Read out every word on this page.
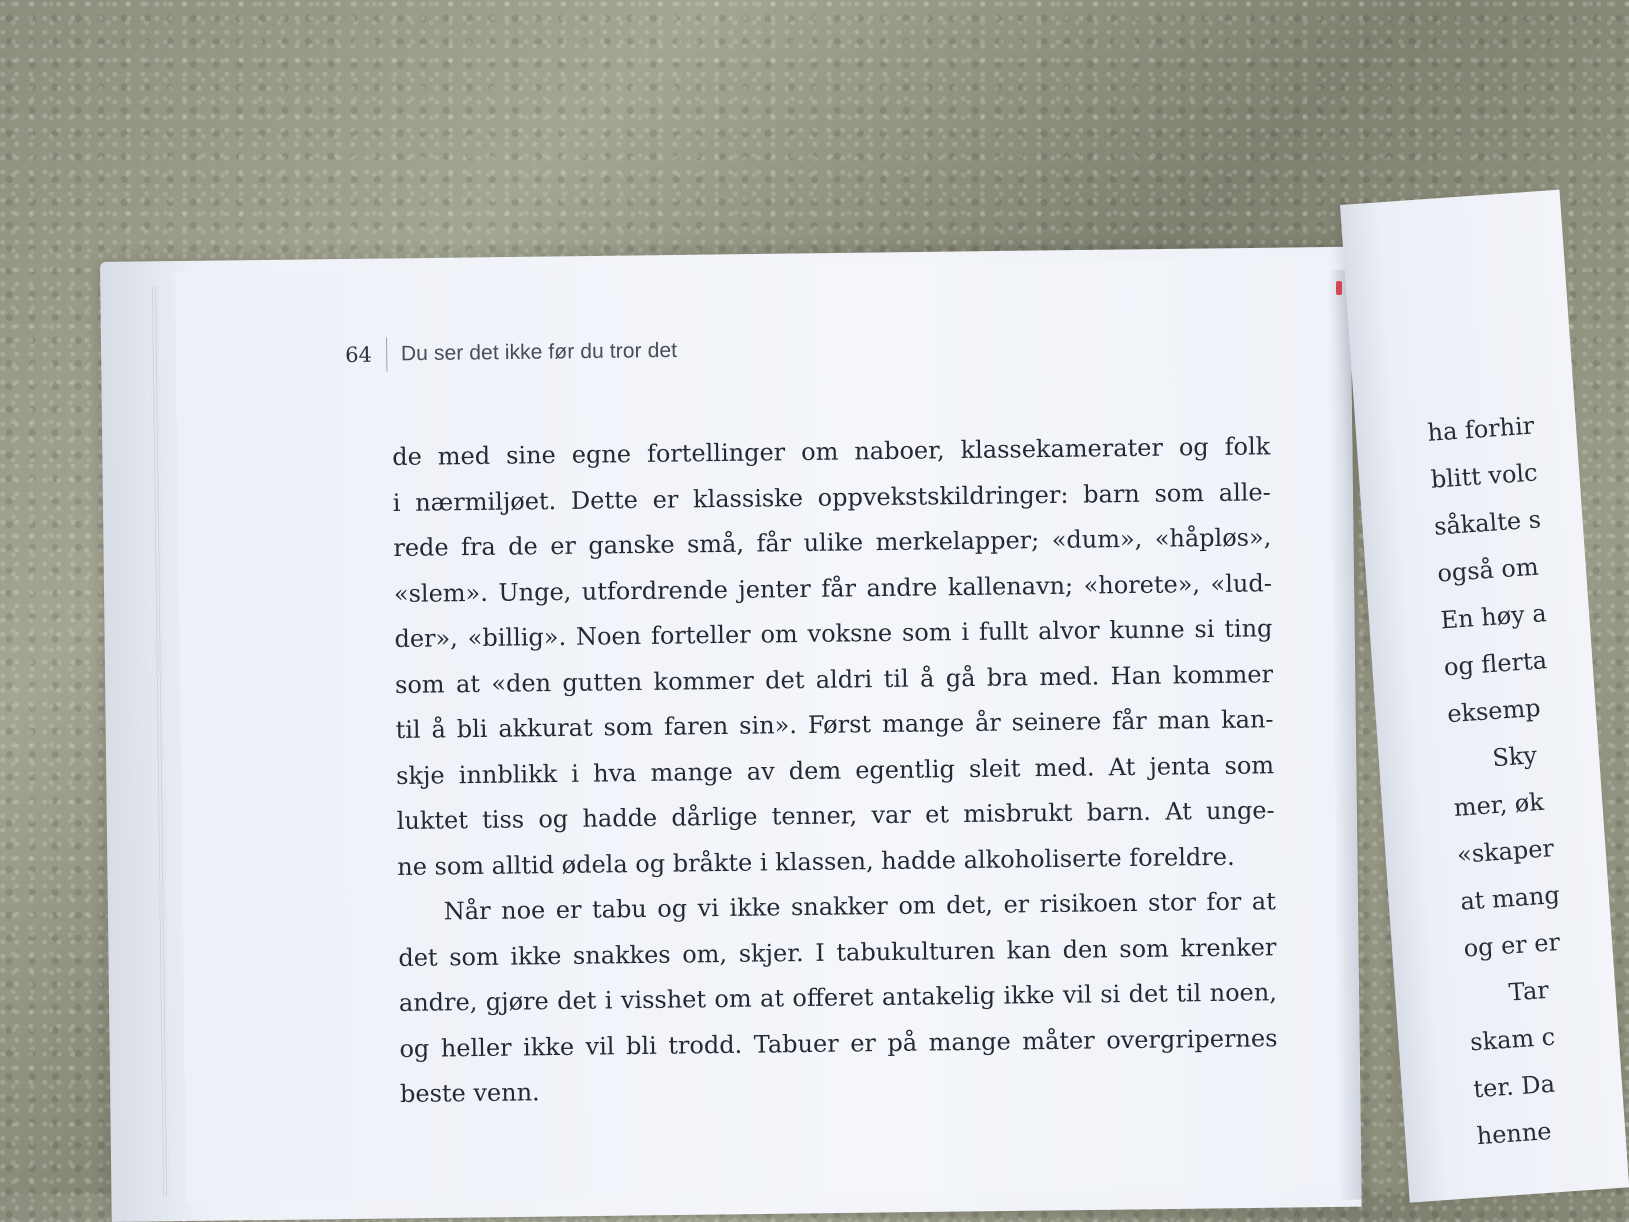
64 Du ser det ikke før du tror det
de med sine egne fortellinger om naboer, klassekamerater og folk
i nærmiljøet. Dette er klassiske oppvekstskildringer: barn som alle-
rede fra de er ganske små, får ulike merkelapper; «dum», «håpløs»,
«slem». Unge, utfordrende jenter får andre kallenavn; «horete», «lud-
der», «billig». Noen forteller om voksne som i fullt alvor kunne si ting
som at «den gutten kommer det aldri til å gå bra med. Han kommer
til å bli akkurat som faren sin». Først mange år seinere får man kan-
skje innblikk i hva mange av dem egentlig sleit med. At jenta som
luktet tiss og hadde dårlige tenner, var et misbrukt barn. At unge-
ne som alltid ødela og bråkte i klassen, hadde alkoholiserte foreldre.
Når noe er tabu og vi ikke snakker om det, er risikoen stor for at
det som ikke snakkes om, skjer. I tabukulturen kan den som krenker
andre, gjøre det i visshet om at offeret antakelig ikke vil si det til noen,
og heller ikke vil bli trodd. Tabuer er på mange måter overgripernes
beste venn.
ha forhir
blitt volc
såkalte s
også om
En høy a
og flerta
eksemp
Sky
mer, øk
«skaper
at mang
og er er
Tar
skam c
ter. Da
henne
